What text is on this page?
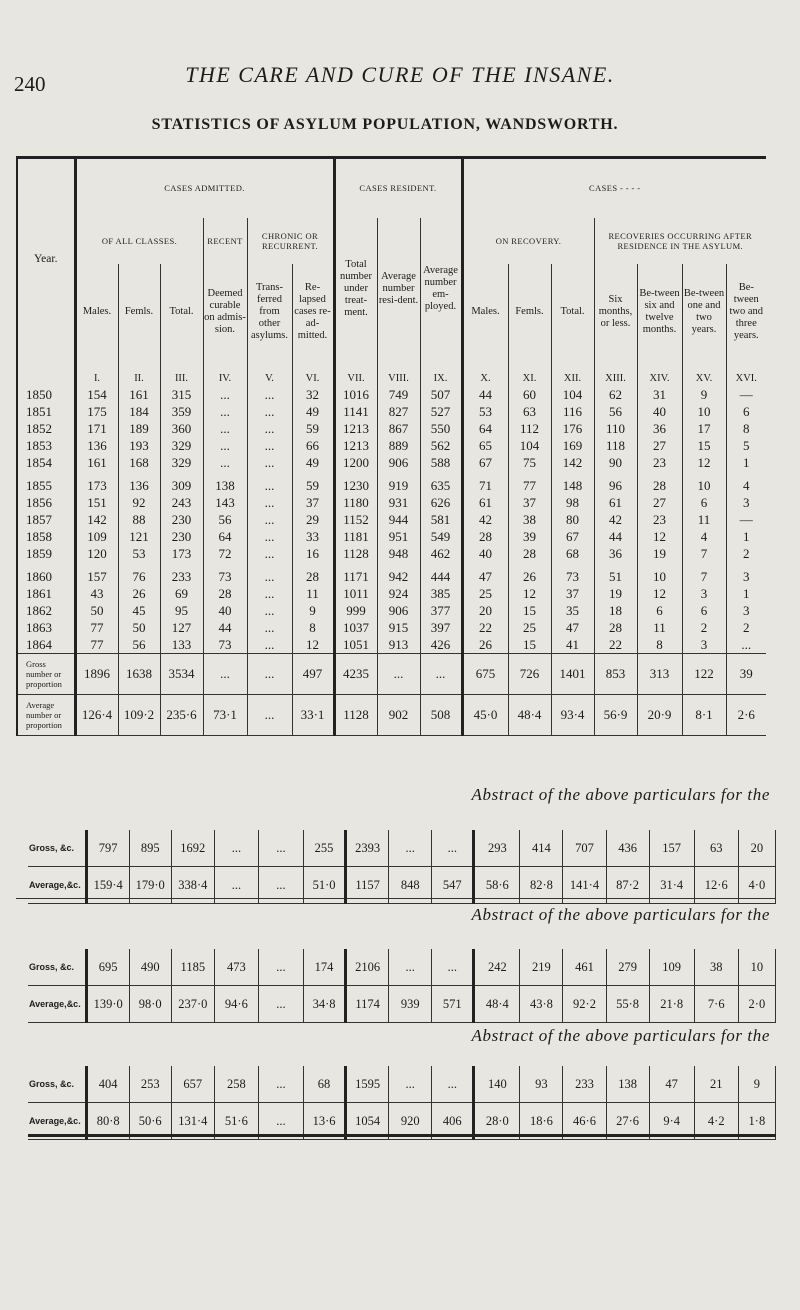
240	THE CARE AND CURE OF THE INSANE.
STATISTICS OF ASYLUM POPULATION, WANDSWORTH.
Year.	CASES ADMITTED.						CASES RESIDENT.			CASES - - - -						
	OF ALL CLASSES.			RECENT	CHRONIC OR RECURRENT.		Total number under treat-ment.	Average number resi-dent.	Average number em-ployed.	ON RECOVERY.			RECOVERIES OCCURRING AFTER RESIDENCE IN THE ASYLUM.			
	Males.	Femls.	Total.	Deemed curable on admis-sion.	Trans-ferred from other asylums.	Re-lapsed cases re-ad-mitted.				Males.	Femls.	Total.	Six months, or less.	Be-tween six and twelve months.	Be-tween one and two years.	Be-tween two and three years.
	I.	II.	III.	IV.	V.	VI.	VII.	VIII.	IX.	X.	XI.	XII.	XIII.	XIV.	XV.	XVI.
1850	154	161	315	...	...	32	1016	749	507	44	60	104	62	31	9	—
1851	175	184	359	...	...	49	1141	827	527	53	63	116	56	40	10	6
1852	171	189	360	...	...	59	1213	867	550	64	112	176	110	36	17	8
1853	136	193	329	...	...	66	1213	889	562	65	104	169	118	27	15	5
1854	161	168	329	...	...	49	1200	906	588	67	75	142	90	23	12	1

1855	173	136	309	138	...	59	1230	919	635	71	77	148	96	28	10	4
1856	151	92	243	143	...	37	1180	931	626	61	37	98	61	27	6	3
1857	142	88	230	56	...	29	1152	944	581	42	38	80	42	23	11	—
1858	109	121	230	64	...	33	1181	951	549	28	39	67	44	12	4	1
1859	120	53	173	72	...	16	1128	948	462	40	28	68	36	19	7	2

1860	157	76	233	73	...	28	1171	942	444	47	26	73	51	10	7	3
1861	43	26	69	28	...	11	1011	924	385	25	12	37	19	12	3	1
1862	50	45	95	40	...	9	999	906	377	20	15	35	18	6	6	3
1863	77	50	127	44	...	8	1037	915	397	22	25	47	28	11	2	2
1864	77	56	133	73	...	12	1051	913	426	26	15	41	22	8	3	...
Gross number or proportion	1896	1638	3534	...	...	497	4235	...	...	675	726	1401	853	313	122	39
Average number or proportion	126·4	109·2	235·6	73·1	...	33·1	1128	902	508	45·0	48·4	93·4	56·9	20·9	8·1	2·6
Abstract of the above particulars for the
Gross, &c.	797	895	1692	...	...	255	2393	...	...	293	414	707	436	157	63	20
Average,&c.	159·4	179·0	338·4	...	...	51·0	1157	848	547	58·6	82·8	141·4	87·2	31·4	12·6	4·0
Abstract of the above particulars for the
Gross, &c.	695	490	1185	473	...	174	2106	...	...	242	219	461	279	109	38	10
Average,&c.	139·0	98·0	237·0	94·6	...	34·8	1174	939	571	48·4	43·8	92·2	55·8	21·8	7·6	2·0
Abstract of the above particulars for the
Gross, &c.	404	253	657	258	...	68	1595	...	...	140	93	233	138	47	21	9
Average,&c.	80·8	50·6	131·4	51·6	...	13·6	1054	920	406	28·0	18·6	46·6	27·6	9·4	4·2	1·8
